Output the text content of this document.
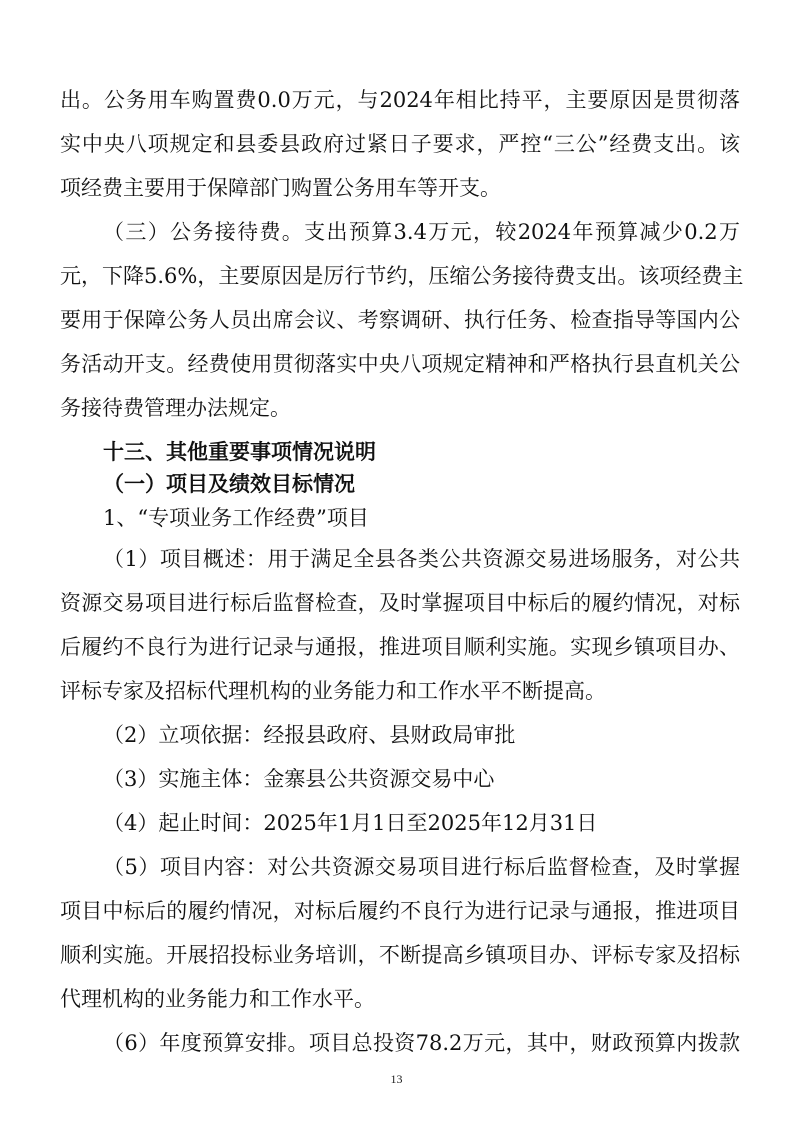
出。公务用车购置费0.0万元，与2024年相比持平，主要原因是贯彻落
实中央八项规定和县委县政府过紧日子要求，严控“三公”经费支出。该
项经费主要用于保障部门购置公务用车等开支。
（三）公务接待费。支出预算3.4万元，较2024年预算减少0.2万
元，下降5.6%，主要原因是厉行节约，压缩公务接待费支出。该项经费主
要用于保障公务人员出席会议、考察调研、执行任务、检查指导等国内公
务活动开支。经费使用贯彻落实中央八项规定精神和严格执行县直机关公
务接待费管理办法规定。
十三、其他重要事项情况说明
（一）项目及绩效目标情况
1、“专项业务工作经费”项目
（1）项目概述：用于满足全县各类公共资源交易进场服务，对公共
资源交易项目进行标后监督检查，及时掌握项目中标后的履约情况，对标
后履约不良行为进行记录与通报，推进项目顺利实施。实现乡镇项目办、
评标专家及招标代理机构的业务能力和工作水平不断提高。
（2）立项依据：经报县政府、县财政局审批
（3）实施主体：金寨县公共资源交易中心
（4）起止时间：2025年1月1日至2025年12月31日
（5）项目内容：对公共资源交易项目进行标后监督检查，及时掌握
项目中标后的履约情况，对标后履约不良行为进行记录与通报，推进项目
顺利实施。开展招投标业务培训，不断提高乡镇项目办、评标专家及招标
代理机构的业务能力和工作水平。
（6）年度预算安排。项目总投资78.2万元，其中，财政预算内拨款
13
